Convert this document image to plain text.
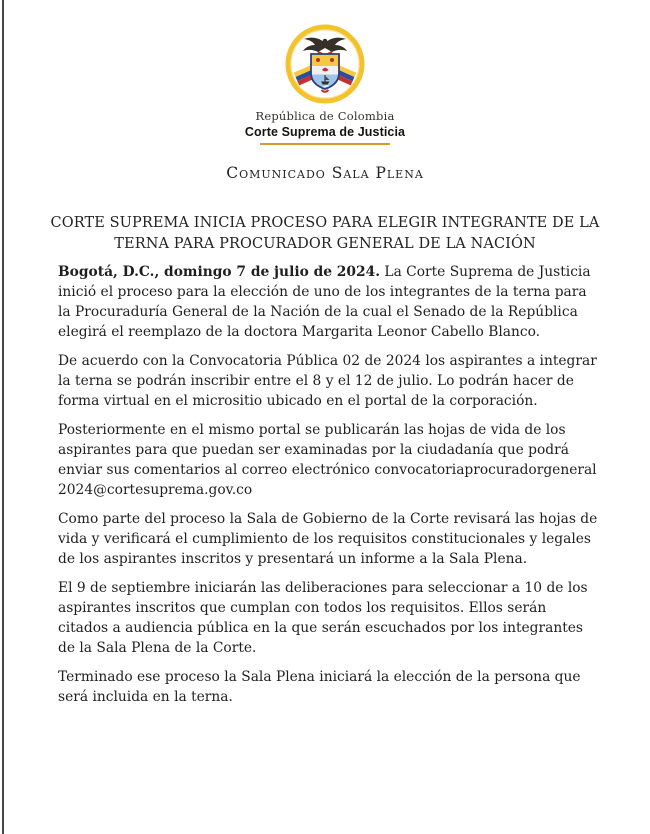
República de Colombia
Corte Suprema de Justicia
Comunicado Sala Plena
CORTE SUPREMA INICIA PROCESO PARA ELEGIR INTEGRANTE DE LA
TERNA PARA PROCURADOR GENERAL DE LA NACIÓN

Bogotá, D.C., domingo 7 de julio de 2024. La Corte Suprema de Justicia inició el proceso para la elección de uno de los integrantes de la terna para la Procuraduría General de la Nación de la cual el Senado de la República elegirá el reemplazo de la doctora Margarita Leonor Cabello Blanco.

De acuerdo con la Convocatoria Pública 02 de 2024 los aspirantes a integrar la terna se podrán inscribir entre el 8 y el 12 de julio. Lo podrán hacer de forma virtual en el micrositio ubicado en el portal de la corporación.

Posteriormente en el mismo portal se publicarán las hojas de vida de los aspirantes para que puedan ser examinadas por la ciudadanía que podrá enviar sus comentarios al correo electrónico convocatoriaprocuradorgeneral2024@cortesuprema.gov.co

Como parte del proceso la Sala de Gobierno de la Corte revisará las hojas de vida y verificará el cumplimiento de los requisitos constitucionales y legales de los aspirantes inscritos y presentará un informe a la Sala Plena.

El 9 de septiembre iniciarán las deliberaciones para seleccionar a 10 de los aspirantes inscritos que cumplan con todos los requisitos. Ellos serán citados a audiencia pública en la que serán escuchados por los integrantes de la Sala Plena de la Corte.

Terminado ese proceso la Sala Plena iniciará la elección de la persona que será incluida en la terna.
